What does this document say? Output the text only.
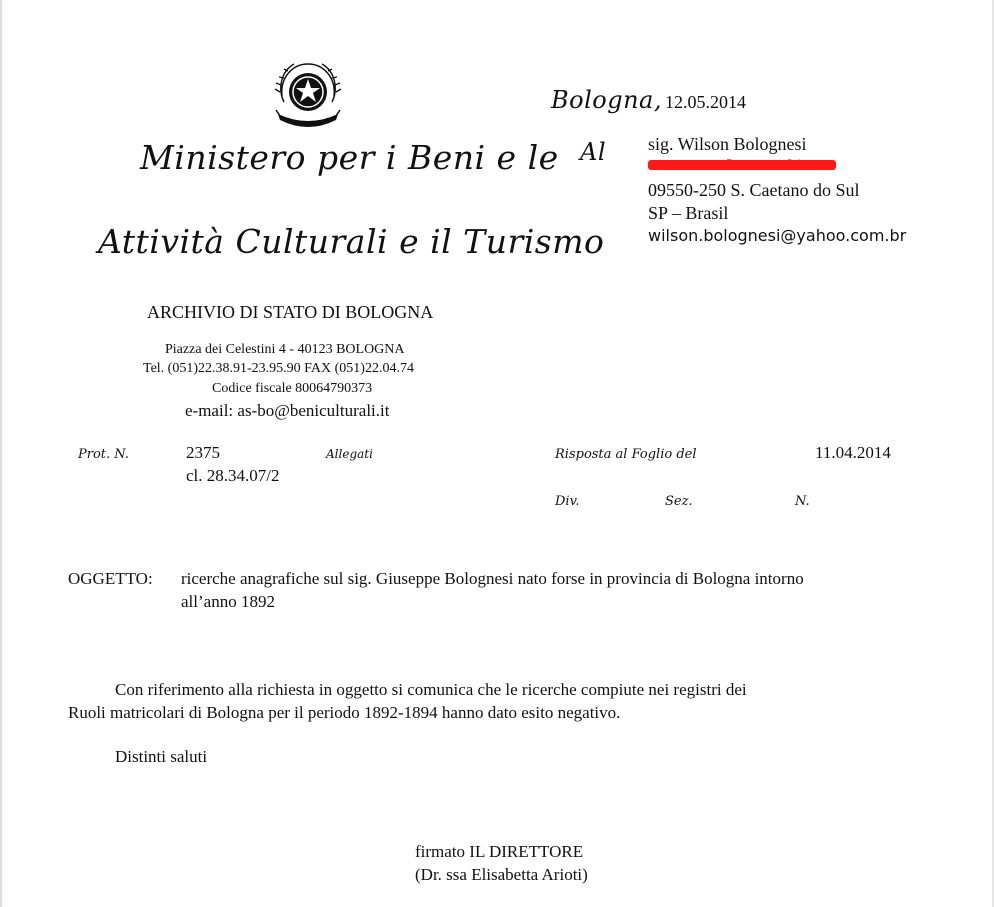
Ministero per i Beni e le
Attività Culturali e il Turismo
Bologna, 12.05.2014
Al sig. Wilson Bolognesi
09550-250 S. Caetano do Sul
SP – Brasil
wilson.bolognesi@yahoo.com.br
ARCHIVIO DI STATO DI BOLOGNA
Piazza dei Celestini 4 - 40123 BOLOGNA
Tel. (051)22.38.91-23.95.90 FAX (051)22.04.74
Codice fiscale 80064790373
e-mail: as-bo@beniculturali.it
Prot. N.	2375
cl. 28.34.07/2
Allegati	Risposta al Foglio del	11.04.2014
Div.	Sez.	N.
OGGETTO: ricerche anagrafiche sul sig. Giuseppe Bolognesi nato forse in provincia di Bologna intorno
all’anno 1892
Con riferimento alla richiesta in oggetto si comunica che le ricerche compiute nei registri dei
Ruoli matricolari di Bologna per il periodo 1892-1894 hanno dato esito negativo.
Distinti saluti
firmato IL DIRETTORE
(Dr. ssa Elisabetta Arioti)
